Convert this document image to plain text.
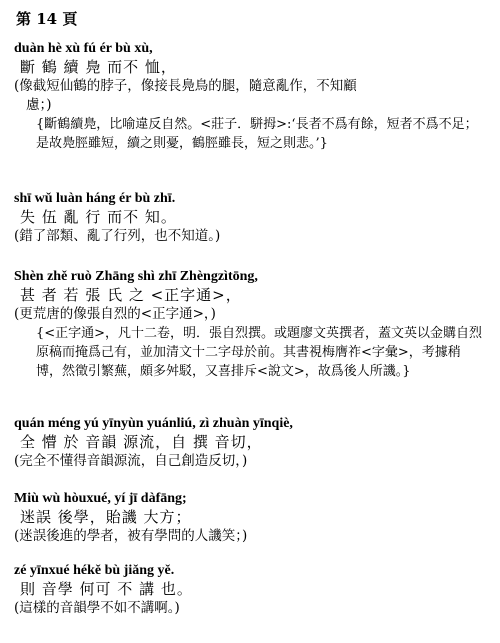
第 14 頁
duàn hè xù fú ér bù xù,
斷 鶴 續 鳧 而不 恤，
(像截短仙鶴的脖子，像接長鳧鳥的腿，隨意亂作，不知顧
慮；)
{斷鶴續鳧，比喻違反自然。<莊子．駢拇>:‘長者不爲有餘，短者不爲不足；是故鳧脛雖短，續之則憂，鶴脛雖長，短之則悲。’}
shī wǔ luàn háng ér bù zhī.
失 伍 亂 行 而不 知。
(錯了部類、亂了行列，也不知道。)
Shèn zhě ruò Zhāng shì zhī Zhèngzìtōng,
甚 者 若 張 氏 之 <正字通>，
(更荒唐的像張自烈的<正字通>，)
{<正字通>，凡十二卷，明．張自烈撰。或題廖文英撰者，蓋文英以金購自烈原稿而掩爲己有，並加清文十二字母於前。其書視梅膺祚<字彙>，考據稍博，然徵引繁蕪，頗多舛駁，又喜排斥<說文>，故爲後人所譏。}
quán méng yú yīnyùn yuánliú, zì zhuàn yīnqiè,
全 懵 於 音韻 源流，自 撰 音切，
(完全不懂得音韻源流，自己創造反切，)
Miù wù hòuxué, yí jī dàfāng;
迷誤 後學，貽譏 大方；
(迷誤後進的學者，被有學問的人譏笑；)
zé yīnxué hékě bù jiǎng yě.
則 音學 何可 不 講 也。
(這樣的音韻學不如不講啊。)
